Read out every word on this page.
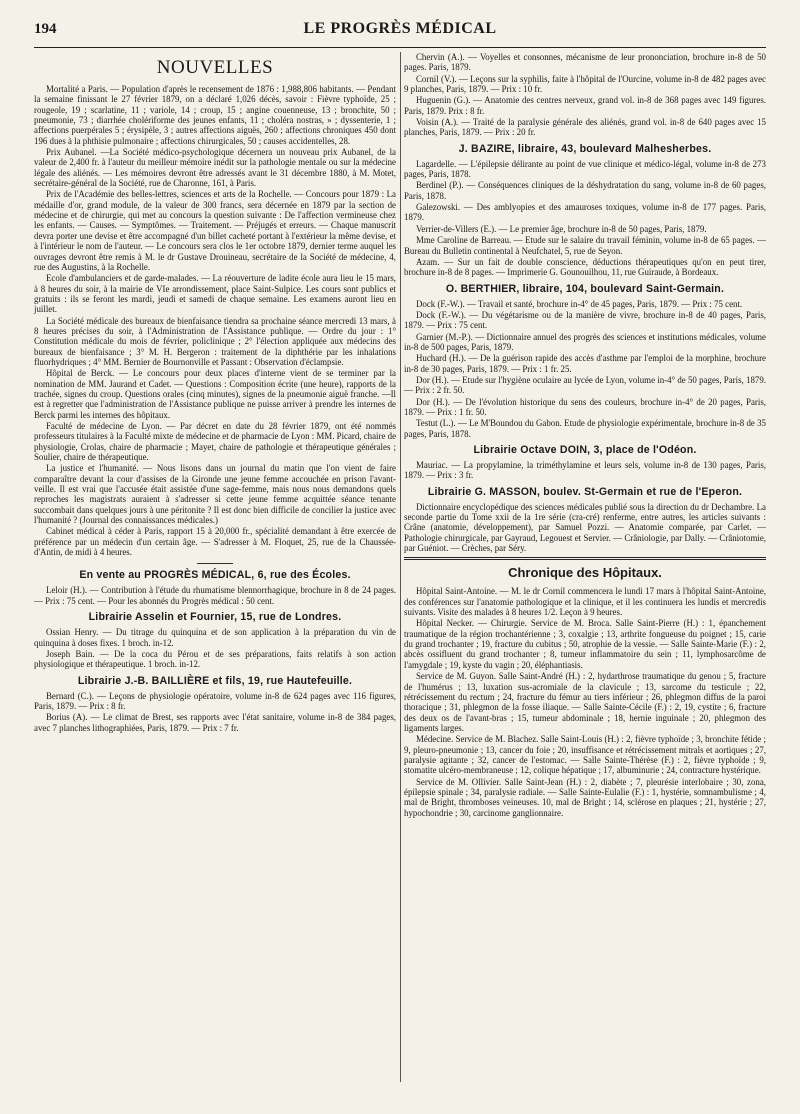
194	LE PROGRÈS MÉDICAL
NOUVELLES

Mortalité a Paris. — Population d'après le recensement de 1876 : 1,988,806 habitants. — Pendant la semaine finissant le 27 février 1879, on a déclaré 1,026 décès, savoir : Fièvre typhoïde, 25 ; rougeole, 19 ; scarlatine, 11 ; variole, 14 ; croup, 15 ; angine couenneuse, 13 ; bronchite, 50 ; pneumonie, 73 ; diarrhée cholériforme des jeunes enfants, 11 ; choléra nostras, » ; dyssenterie, 1 ; affections puerpérales 5 ; érysipèle, 3 ; autres affections aiguës, 260 ; affections chroniques 450 dont 196 dues à la phthisie pulmonaire ; affections chirurgicales, 50 ; causes accidentelles, 28.

Prix Aubanel. —La Société médico-psychologique décernera un nouveau prix Aubanel, de la valeur de 2,400 fr. à l'auteur du meilleur mémoire inédit sur la pathologie mentale ou sur la médecine légale des aliénés. — Les mémoires devront être adressés avant le 31 décembre 1880, à M. Motet, secrétaire-général de la Société, rue de Charonne, 161, à Paris.

Prix de l'Académie des belles-lettres, sciences et arts de la Rochelle. — Concours pour 1879 : La médaille d'or, grand module, de la valeur de 300 francs, sera décernée en 1879 par la section de médecine et de chirurgie, qui met au concours la question suivante : De l'affection vermineuse chez les enfants. — Causes. — Symptômes. — Traitement. — Préjugés et erreurs. — Chaque manuscrit devra porter une devise et être accompagné d'un billet cacheté portant à l'extérieur la même devise, et à l'intérieur le nom de l'auteur. — Le concours sera clos le 1er octobre 1879, dernier terme auquel les ouvrages devront être remis à M. le dr Gustave Drouineau, secrétaire de la Société de médecine, 4, rue des Augustins, à la Rochelle.

Ecole d'ambulanciers et de garde-malades. — La réouverture de ladite école aura lieu le 15 mars, à 8 heures du soir, à la mairie de VIe arrondissement, place Saint-Sulpice. Les cours sont publics et gratuits : ils se feront les mardi, jeudi et samedi de chaque semaine. Les examens auront lieu en juillet.

La Société médicale des bureaux de bienfaisance tiendra sa prochaine séance mercredi 13 mars, à 8 heures précises du soir, à l'Administration de l'Assistance publique. — Ordre du jour : 1° Constitution médicale du mois de février, policlinique ; 2° l'élection appliquée aux médecins des bureaux de bienfaisance ; 3° M. H. Bergeron : traitement de la diphthérie par les inhalations fluorhydriques ; 4° MM. Bernier de Bournonville et Passant : Observation d'éclampsie.

Hôpital de Berck. — Le concours pour deux places d'interne vient de se terminer par la nomination de MM. Jaurand et Cadet. — Questions : Composition écrite (une heure), rapports de la trachée, signes du croup. Questions orales (cinq minutes), signes de la pneumonie aiguë franche. —Il est à regretter que l'administration de l'Assistance publique ne puisse arriver à prendre les internes de Berck parmi les internes des hôpitaux.

Faculté de médecine de Lyon. — Par décret en date du 28 février 1879, ont été nommés professeurs titulaires à la Faculté mixte de médecine et de pharmacie de Lyon : MM. Picard, chaire de physiologie, Crolas, chaire de pharmacie ; Mayet, chaire de pathologie et thérapeutique générales ; Soulier, chaire de thérapeutique.

La justice et l'humanité. — Nous lisons dans un journal du matin que l'on vient de faire comparaître devant la cour d'assises de la Gironde une jeune femme accouchée en prison l'avant-veille. Il est vrai que l'accusée était assistée d'une sage-femme, mais nous nous demandons quels reproches les magistrats auraient à s'adresser si cette jeune femme acquittée séance tenante succombait dans quelques jours à une péritonite ? Il est donc bien difficile de concilier la justice avec l'humanité ? (Journal des connaissances médicales.)

Cabinet médical à céder à Paris, rapport 15 à 20,000 fr., spécialité demandant à être exercée de préférence par un médecin d'un certain âge. — S'adresser à M. Floquet, 25, rue de la Chaussée-d'Antin, de midi à 4 heures.

En vente au PROGRÈS MÉDICAL, 6, rue des Écoles.

Leloir (H.). — Contribution à l'étude du rhumatisme blennorrhagique, brochure in 8 de 24 pages. — Prix : 75 cent. — Pour les abonnés du Progrès médical : 50 cent.

Librairie Asselin et Fournier, 15, rue de Londres.

Ossian Henry. — Du titrage du quinquina et de son application à la préparation du vin de quinquina à doses fixes. 1 broch. in-12.

Joseph Bain. — De la coca du Pérou et de ses préparations, faits relatifs à son action physiologique et thérapeutique. 1 broch. in-12.

Librairie J.-B. BAILLIÈRE et fils, 19, rue Hautefeuille.

Bernard (C.). — Leçons de physiologie opératoire, volume in-8 de 624 pages avec 116 figures, Paris, 1879. — Prix : 8 fr.

Borius (A). — Le climat de Brest, ses rapports avec l'état sanitaire, volume in-8 de 384 pages, avec 7 planches lithographiées, Paris, 1879. — Prix : 7 fr.

Chervin (A.). — Voyelles et consonnes, mécanisme de leur prononciation, brochure in-8 de 50 pages. Paris, 1879.

Cornil (V.). — Leçons sur la syphilis, faite à l'hôpital de l'Ourcine, volume in-8 de 482 pages avec 9 planches, Paris, 1879. — Prix : 10 fr.

Huguenin (G.). — Anatomie des centres nerveux, grand vol. in-8 de 368 pages avec 149 figures. Paris, 1879. Prix : 8 fr.

Voisin (A.). — Traité de la paralysie générale des aliénés, grand vol. in-8 de 640 pages avec 15 planches, Paris, 1879. — Prix : 20 fr.

J. BAZIRE, libraire, 43, boulevard Malhesherbes.

Lagardelle. — L'épilepsie délirante au point de vue clinique et médico-légal, volume in-8 de 273 pages, Paris, 1878.

Berdinel (P.). — Conséquences cliniques de la déshydratation du sang, volume in-8 de 60 pages, Paris, 1878.

Galezowski. — Des amblyopies et des amauroses toxiques, volume in-8 de 177 pages. Paris, 1879.

Verrier-de-Villers (E.). — Le premier âge, brochure in-8 de 50 pages, Paris, 1879.

Mme Caroline de Barreau. — Etude sur le salaire du travail féminin, volume in-8 de 65 pages. — Bureau du Bulletin continental à Neufchatel, 5, rue de Seyon.

Azam. — Sur un fait de double conscience, déductions thérapeutiques qu'on en peut tirer, brochure in-8 de 8 pages. — Imprimerie G. Gounouilhou, 11, rue Guiraude, à Bordeaux.

O. BERTHIER, libraire, 104, boulevard Saint-Germain.

Dock (F.-W.). — Travail et santé, brochure in-4° de 45 pages, Paris, 1879. — Prix : 75 cent.

Dock (F.-W.). — Du végétarisme ou de la manière de vivre, brochure in-8 de 40 pages, Paris, 1879. — Prix : 75 cent.

Garnier (M.-P.). — Dictionnaire annuel des progrès des sciences et institutions médicales, volume in-8 de 500 pages, Paris, 1879.

Huchard (H.). — De la guérison rapide des accès d'asthme par l'emploi de la morphine, brochure in-8 de 30 pages, Paris, 1879. — Prix : 1 fr. 25.

Dor (H.). — Etude sur l'hygiène oculaire au lycée de Lyon, volume in-4° de 50 pages, Paris, 1879. — Prix : 2 fr. 50.

Dor (H.). — De l'évolution historique du sens des couleurs, brochure in-4° de 20 pages, Paris, 1879. — Prix : 1 fr. 50.

Testut (L.). — Le M'Boundou du Gabon. Etude de physiologie expérimentale, brochure in-8 de 35 pages, Paris, 1878.

Librairie Octave DOIN, 3, place de l'Odéon.

Mauriac. — La propylamine, la triméthylamine et leurs sels, volume in-8 de 130 pages, Paris, 1879. — Prix : 3 fr.

Librairie G. MASSON, boulev. St-Germain et rue de l'Eperon.

Dictionnaire encyclopédique des sciences médicales publié sous la direction du dr Dechambre. La seconde partie du Tome xxii de la 1re série (cra-cré) renferme, entre autres, les articles suivants : Crâne (anatomie, développement), par Samuel Pozzi. — Anatomie comparée, par Carlet. — Pathologie chirurgicale, par Gayraud, Legouest et Servier. — Crâniologie, par Dally. — Crâniotomie, par Guéniot. — Crèches, par Séry.

Chronique des Hôpitaux.

Hôpital Saint-Antoine. — M. le dr Cornil commencera le lundi 17 mars à l'hôpital Saint-Antoine, des conférences sur l'anatomie pathologique et la clinique, et il les continuera les lundis et mercredis suivants. Visite des malades à 8 heures 1/2. Leçon à 9 heures.

Hôpital Necker. — Chirurgie. Service de M. Broca. Salle Saint-Pierre (H.) : 1, épanchement traumatique de la région trochantérienne ; 3, coxalgie ; 13, arthrite fongueuse du poignet ; 15, carie du grand trochanter ; 19, fracture du cubitus ; 50, atrophie de la vessie. — Salle Sainte-Marie (F.) : 2, abcès ossifluent du grand trochanter ; 8, tumeur inflammatoire du sein ; 11, lymphosarcôme de l'amygdale ; 19, kyste du vagin ; 20, éléphantiasis.

Service de M. Guyon. Salle Saint-André (H.) : 2, hydarthrose traumatique du genou ; 5, fracture de l'humérus ; 13, luxation sus-acromiale de la clavicule ; 13, sarcome du testicule ; 22, rétrécissement du rectum ; 24, fracture du fémur au tiers inférieur ; 26, phlegmon diffus de la paroi thoracique ; 31, phlegmon de la fosse iliaque. — Salle Sainte-Cécile (F.) : 2, 19, cystite ; 6, fracture des deux os de l'avant-bras ; 15, tumeur abdominale ; 18, hernie inguinale ; 20, phlegmon des ligaments larges.

Médecine. Service de M. Blachez. Salle Saint-Louis (H.) : 2, fièvre typhoïde ; 3, bronchite fétide ; 9, pleuro-pneumonie ; 13, cancer du foie ; 20, insuffisance et rétrécissement mitrals et aortiques ; 27, paralysie agitante ; 32, cancer de l'estomac. — Salle Sainte-Thérèse (F.) : 2, fièvre typhoïde ; 9, stomatite ulcéro-membraneuse ; 12, colique hépatique ; 17, albuminurie ; 24, contracture hystérique.

Service de M. Ollivier. Salle Saint-Jean (H.) : 2, diabète ; 7, pleurésie interlobaire ; 30, zona, épilepsie spinale ; 34, paralysie radiale. — Salle Sainte-Eulalie (F.) : 1, hystérie, somnambulisme ; 4, mal de Bright, thromboses veineuses. 10, mal de Bright ; 14, sclérose en plaques ; 21, hystérie ; 27, hypochondrie ; 30, carcinome ganglionnaire.
